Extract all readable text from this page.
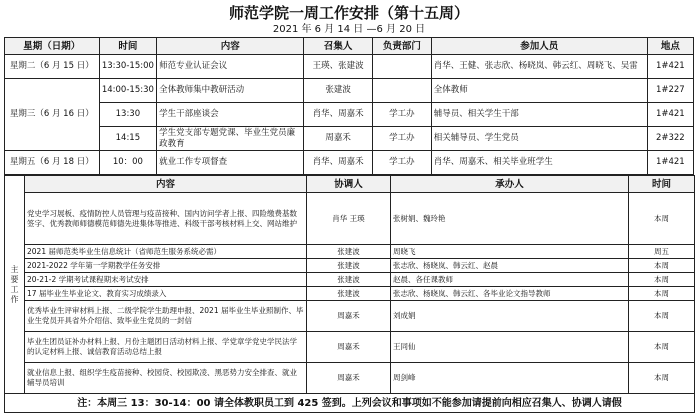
师范学院一周工作安排（第十五周）
2021 年 6 月 14 日 —6 月 20 日
星期（日期）	时间	内容	召集人	负责部门	参加人员	地点
星期二（6 月 15 日）	13:30-15:00	师范专业认证会议	王瑛、张建波		肖华、王健、张志欣、杨晓岚、韩云红、周晓飞、吴雷	1#421
星期三（6 月 16 日）	14:00-15:30	全体教师集中教研活动	张建波		全体教师	1#227
	13:30	学生干部座谈会	肖华、周嘉禾	学工办	辅导员、相关学生干部	1#421
	14:15	学生党支部专题党课、毕业生党员廉政教育	周嘉禾	学工办	相关辅导员、学生党员	2#322
星期五（6 月 18 日）	10：00	就业工作专项督查	肖华、周嘉禾	学工办	肖华、周嘉禾、相关毕业班学生	1#421
主要工作	内容	协调人	承办人	时间
	党史学习展板、疫情防控人员管理与疫苗接种、国内访问学者上报、四险缴费基数签字、优秀教师师德模范师德先进集体等推进、科级干部考核材料上交、网站维护	肖华 王瑛	张树娟、魏玲艳	本周
	2021 届师范类毕业生信息统计（省师范生服务系统必需）	张建波	周晓飞	周五
	2021-2022 学年第一学期教学任务安排	张建波	张志欣、杨晓岚、韩云红、赵晨	本周
	20-21-2 学期考试课程期末考试安排	张建波	赵晨、各任课教师	本周
	17 届毕业生毕业论文、教育实习成绩录入	张建波	张志欣、杨晓岚、韩云红、各毕业论文指导教师	本周
	优秀毕业生评审材料上报、二级学院学生助理申报、2021 届毕业生毕业照制作、毕业生党员开具省外介绍信、致毕业生党员的一封信	周嘉禾	刘成娟	本周
	毕业生团员证补办材料上报、月份主题团日活动材料上报、学党章学党史学民法学的认定材料上报、诚信教育活动总结上报	周嘉禾	王同仙	本周
	就业信息上报、组织学生疫苗接种、校园贷、校园欺凌、黑恶势力安全排查、就业辅导员培训	周嘉禾	周剑峰	本周
注：本周三 13：30-14：00 请全体教职员工到 425 签到。上列会议和事项如不能参加请提前向相应召集人、协调人请假				
